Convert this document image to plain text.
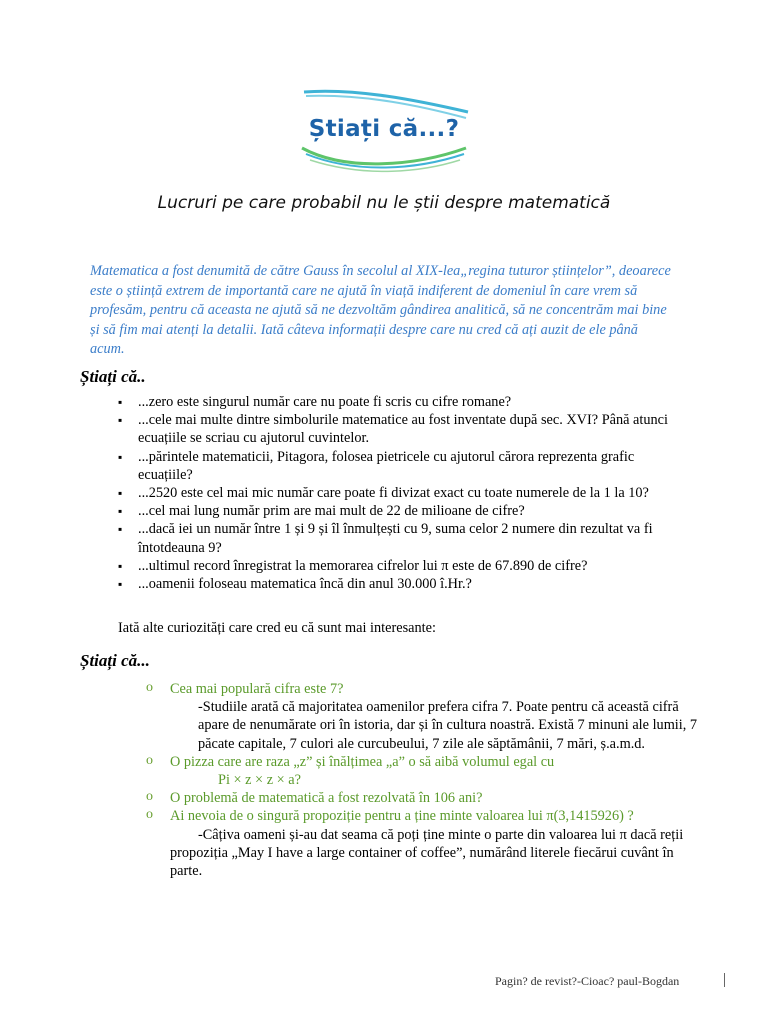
Știați că...?
Lucruri pe care probabil nu le știi despre matematică
Matematica a fost denumită de către Gauss în secolul al XIX-lea„regina tuturor științelor”, deoarece este o știință extrem de importantă care ne ajută în viață indiferent de domeniul în care vrem să profesăm, pentru că aceasta ne ajută să ne dezvoltăm gândirea analitică, să ne concentrăm mai bine și să fim mai atenți la detalii. Iată câteva informații despre care nu cred că ați auzit de ele până acum.
Știați că..
▪ ...zero este singurul număr care nu poate fi scris cu cifre romane?
▪ ...cele mai multe dintre simbolurile matematice au fost inventate după sec. XVI? Până atunci ecuațiile se scriau cu ajutorul cuvintelor.
▪ ...părintele matematicii, Pitagora, folosea pietricele cu ajutorul cărora reprezenta grafic ecuațiile?
▪ ...2520 este cel mai mic număr care poate fi divizat exact cu toate numerele de la 1 la 10?
▪ ...cel mai lung număr prim are mai mult de 22 de milioane de cifre?
▪ ...dacă iei un număr între 1 și 9 și îl înmulțești cu 9, suma celor 2 numere din rezultat va fi întotdeauna 9?
▪ ...ultimul record înregistrat la memorarea cifrelor lui π este de 67.890 de cifre?
▪ ...oamenii foloseau matematica încă din anul 30.000 î.Hr.?
Iată alte curiozități care cred eu că sunt mai interesante:
Știați că...
o Cea mai populară cifra este 7?
-Studiile arată că majoritatea oamenilor prefera cifra 7. Poate pentru că această cifră apare de nenumărate ori în istoria, dar și în cultura noastră. Există 7 minuni ale lumii, 7 păcate capitale, 7 culori ale curcubeului, 7 zile ale săptămânii, 7 mări, ș.a.m.d.
o O pizza care are raza „z” și înălțimea „a” o să aibă volumul egal cu
Pi × z × z × a?
o O problemă de matematică a fost rezolvată în 106 ani?
o Ai nevoia de o singură propoziție pentru a ține minte valoarea lui π(3,1415926) ?
-Câțiva oameni și-au dat seama că poți ține minte o parte din valoarea lui π dacă reții propoziția „May I have a large container of coffee”, numărând literele fiecărui cuvânt în parte.
Pagin? de revist?-Cioac? paul-Bogdan
